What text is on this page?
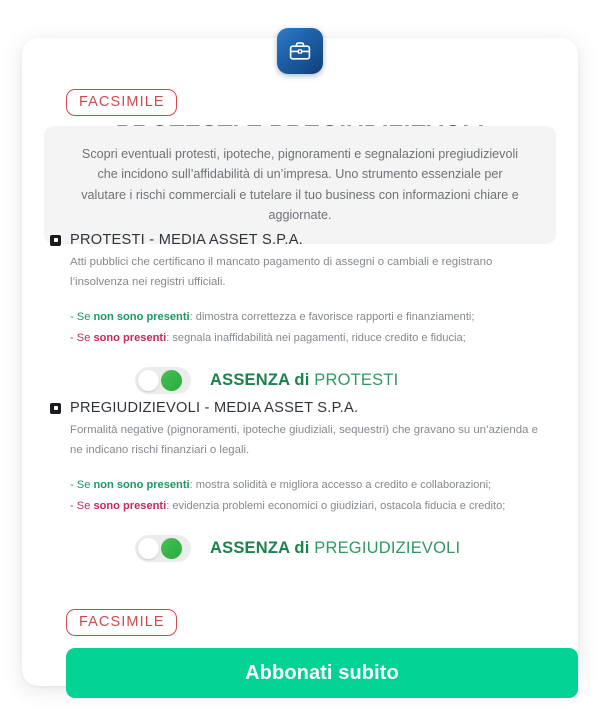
FACSIMILE
Scopri eventuali protesti, ipoteche, pignoramenti e segnalazioni pregiudizievoli che incidono sull’affidabilità di un’impresa. Uno strumento essenziale per valutare i rischi commerciali e tutelare il tuo business con informazioni chiare e aggiornate.
PROTESTI - MEDIA ASSET S.P.A.
Atti pubblici che certificano il mancato pagamento di assegni o cambiali e registrano l’insolvenza nei registri ufficiali.
- Se non sono presenti: dimostra correttezza e favorisce rapporti e finanziamenti;
- Se sono presenti: segnala inaffidabilità nei pagamenti, riduce credito e fiducia;
ASSENZA di PROTESTI
PREGIUDIZIEVOLI - MEDIA ASSET S.P.A.
Formalità negative (pignoramenti, ipoteche giudiziali, sequestri) che gravano su un’azienda e ne indicano rischi finanziari o legali.
- Se non sono presenti: mostra solidità e migliora accesso a credito e collaborazioni;
- Se sono presenti: evidenzia problemi economici o giudiziari, ostacola fiducia e credito;
ASSENZA di PREGIUDIZIEVOLI
FACSIMILE
Abbonati subito
